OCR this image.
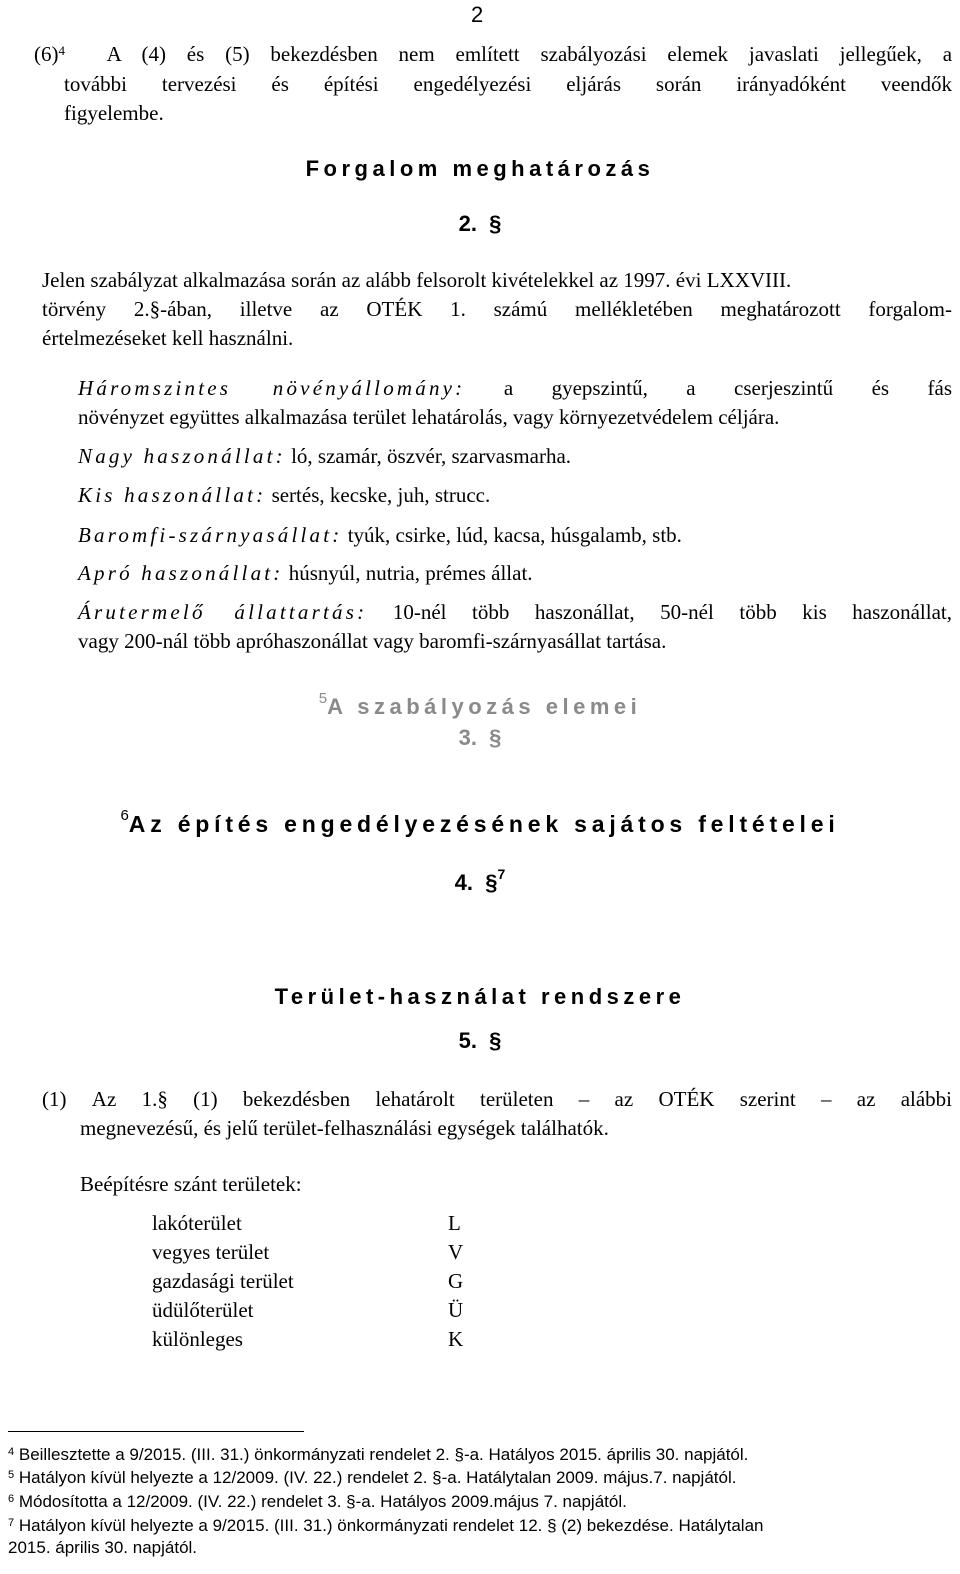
2
$(6)^4$ A (4) és (5) bekezdésben nem említett szabályozási elemek javaslati jellegűek, a
további tervezési és építési engedélyezési eljárás során irányadóként veendők
figyelembe.
Forgalom meghatározás
2. §
Jelen szabályzat alkalmazása során az alább felsorolt kivételekkel az 1997. évi LXXVIII.
törvény 2.§-ában, illetve az OTÉK 1. számú mellékletében meghatározott forgalom-
értelmezéseket kell használni.
Háromszintes növényállomány: a gyepszintű, a cserjeszintű és fás
növényzet együttes alkalmazása terület lehatárolás, vagy környezetvédelem céljára.
Nagy haszonállat: ló, szamár, öszvér, szarvasmarha.
Kis haszonállat: sertés, kecske, juh, strucc.
Baromfi-szárnyasállat: tyúk, csirke, lúd, kacsa, húsgalamb, stb.
Apró haszonállat: húsnyúl, nutria, prémes állat.
Árutermelő állattartás: 10-nél több haszonállat, 50-nél több kis haszonállat,
vagy 200-nál több apróhaszonállat vagy baromfi-szárnyasállat tartása.
$^5$A szabályozás elemei
3. §
$^6$Az építés engedélyezésének sajátos feltételei
4. §$^7$
Terület-használat rendszere
5. §
(1) Az 1.§ (1) bekezdésben lehatárolt területen – az OTÉK szerint – az alábbi
megnevezésű, és jelű terület-felhasználási egységek találhatók.
Beépítésre szánt területek:
lakóterület	L
vegyes terület	V
gazdasági terület	G
üdülőterület	Ü
különleges	K
$^4$ Beillesztette a 9/2015. (III. 31.) önkormányzati rendelet 2. §-a. Hatályos 2015. április 30. napjától.
$^5$ Hatályon kívül helyezte a 12/2009. (IV. 22.) rendelet 2. §-a. Hatálytalan 2009. május.7. napjától.
$^6$ Módosította a 12/2009. (IV. 22.) rendelet 3. §-a. Hatályos 2009.május 7. napjától.
$^7$ Hatályon kívül helyezte a 9/2015. (III. 31.) önkormányzati rendelet 12. § (2) bekezdése. Hatálytalan
2015. április 30. napjától.
